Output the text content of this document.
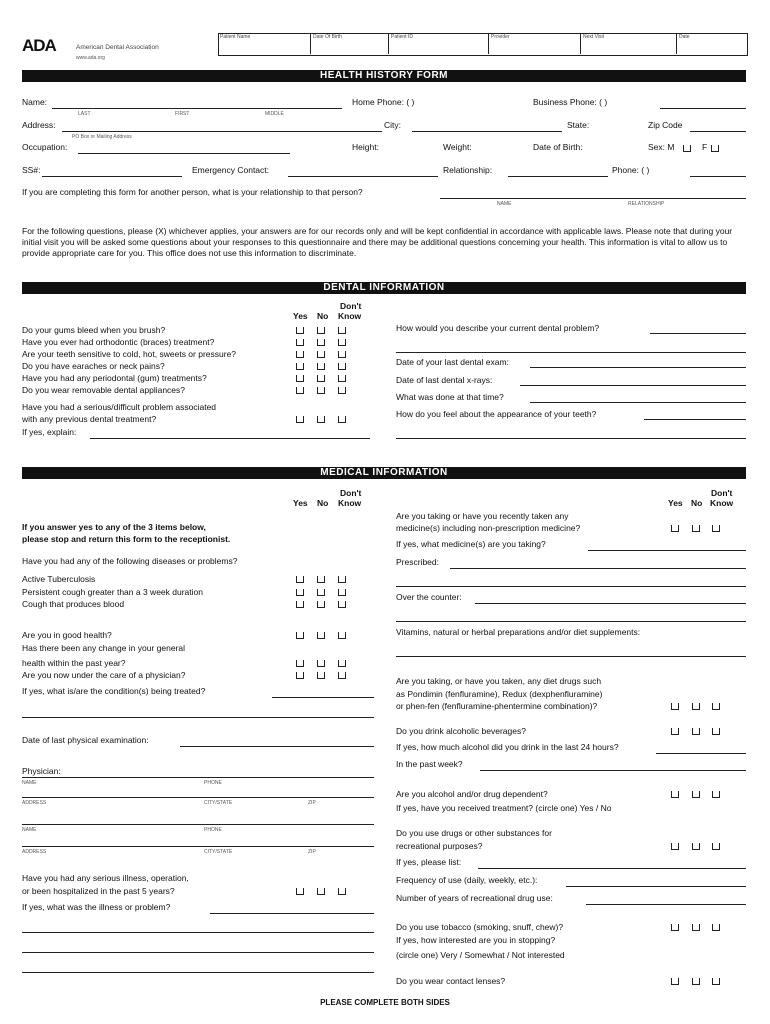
ADA	American Dental Association
www.ada.org
Patient Name	Date Of Birth	Patient ID	Provider	Next Visit	Date
HEALTH HISTORY FORM
Name:
LAST	FIRST	MIDDLE
Home Phone: ( )	Business Phone: ( )
Address:
PO Box or Mailing Address
City:	State:	Zip Code
Occupation:	Height:	Weight:	Date of Birth:	Sex: M	F
SS#:	Emergency Contact:	Relationship:	Phone: ( )
If you are completing this form for another person, what is your relationship to that person?
NAME	RELATIONSHIP
For the following questions, please (X) whichever applies, your answers are for our records only and will be kept confidential in accordance with applicable laws. Please note that during your initial visit you will be asked some questions about your responses to this questionnaire and there may be additional questions concerning your health. This information is vital to allow us to provide appropriate care for you. This office does not use this information to discriminate.
DENTAL INFORMATION
Yes No
Don't
Know
Do your gums bleed when you brush?
Have you ever had orthodontic (braces) treatment?
Are your teeth sensitive to cold, hot, sweets or pressure?
Do you have earaches or neck pains?
Have you had any periodontal (gum) treatments?
Do you wear removable dental appliances?
Have you had a serious/difficult problem associated
with any previous dental treatment?
If yes, explain:
How would you describe your current dental problem?
Date of your last dental exam:
Date of last dental x-rays:
What was done at that time?
How do you feel about the appearance of your teeth?
MEDICAL INFORMATION
Yes No
Don't
Know	Yes No
Don't
Know
If you answer yes to any of the 3 items below,
please stop and return this form to the receptionist.
Have you had any of the following diseases or problems?
Active Tuberculosis
Persistent cough greater than a 3 week duration
Cough that produces blood
Are you in good health?
Has there been any change in your general
health within the past year?
Are you now under the care of a physician?
If yes, what is/are the condition(s) being treated?
Date of last physical examination:
Physician:
NAME	PHONE
ADDRESS	CITY/STATE	ZIP
NAME	PHONE
ADDRESS	CITY/STATE	ZIP
Have you had any serious illness, operation,
or been hospitalized in the past 5 years?
If yes, what was the illness or problem?
Are you taking or have you recently taken any
medicine(s) including non-prescription medicine?
If yes, what medicine(s) are you taking?
Prescribed:
Over the counter:
Vitamins, natural or herbal preparations and/or diet supplements:
Are you taking, or have you taken, any diet drugs such
as Pondimin (fenfluramine), Redux (dexphenfluramine)
or phen-fen (fenfluramine-phentermine combination)?
Do you drink alcoholic beverages?
If yes, how much alcohol did you drink in the last 24 hours?
In the past week?
Are you alcohol and/or drug dependent?
If yes, have you received treatment? (circle one) Yes / No
Do you use drugs or other substances for
recreational purposes?
If yes, please list:
Frequency of use (daily, weekly, etc.):
Number of years of recreational drug use:
Do you use tobacco (smoking, snuff, chew)?
If yes, how interested are you in stopping?
(circle one) Very / Somewhat / Not interested
Do you wear contact lenses?
PLEASE COMPLETE BOTH SIDES
